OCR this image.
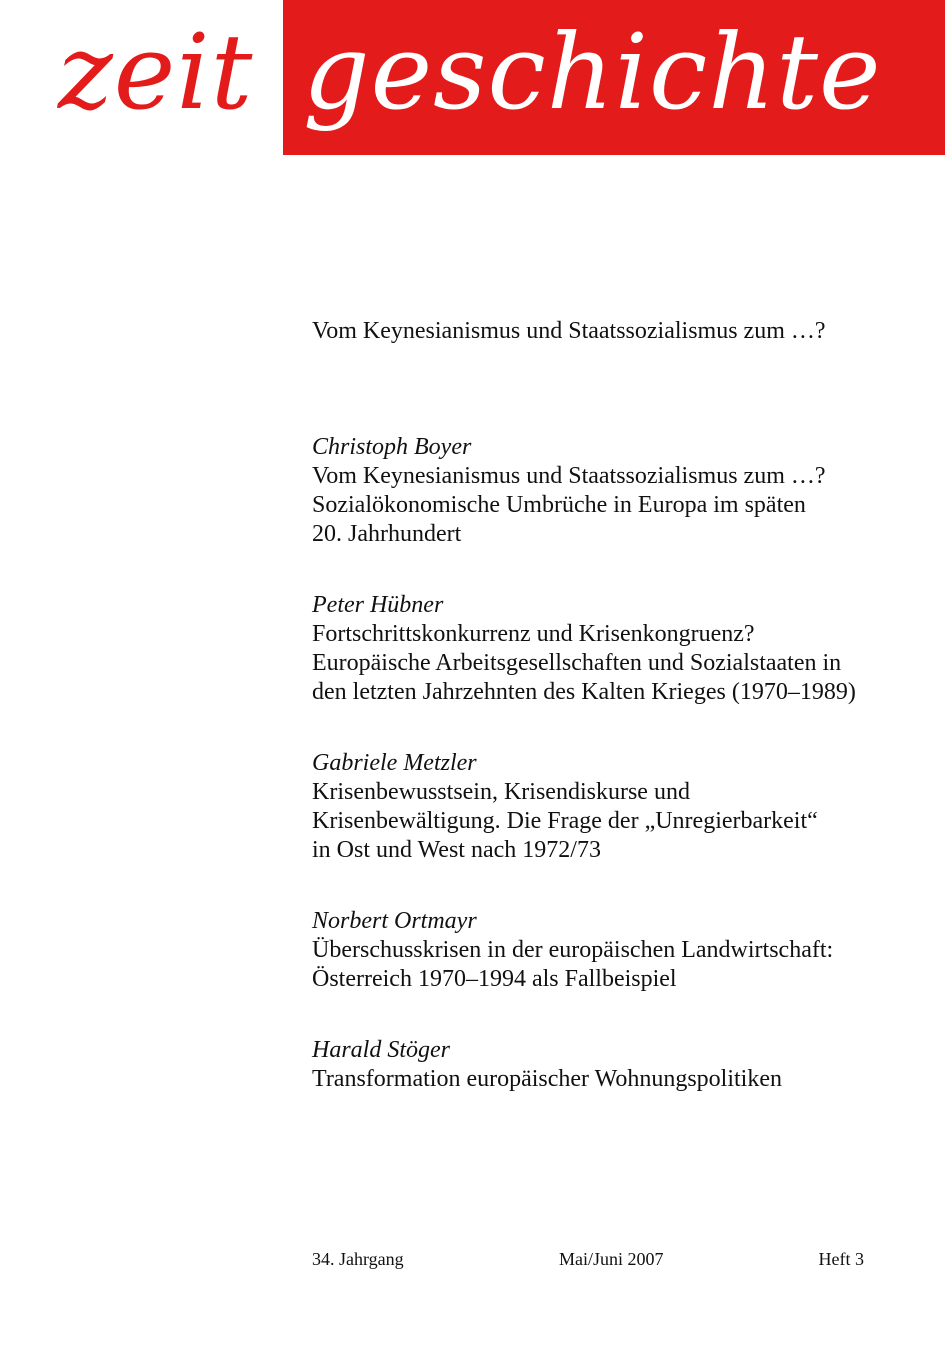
zeit geschichte

Vom Keynesianismus und Staatssozialismus zum …?

Christoph Boyer

Vom Keynesianismus und Staatssozialismus zum …?
Sozialökonomische Umbrüche in Europa im späten
20. Jahrhundert

Peter Hübner

Fortschrittskonkurrenz und Krisenkongruenz?
Europäische Arbeitsgesellschaften und Sozialstaaten in
den letzten Jahrzehnten des Kalten Krieges (1970–1989)

Gabriele Metzler

Krisenbewusstsein, Krisendiskurse und
Krisenbewältigung. Die Frage der „Unregierbarkeit“
in Ost und West nach 1972/73

Norbert Ortmayr

Überschusskrisen in der europäischen Landwirtschaft:
Österreich 1970–1994 als Fallbeispiel

Harald Stöger

Transformation europäischer Wohnungspolitiken

34. Jahrgang	Mai/Juni 2007	Heft 3
